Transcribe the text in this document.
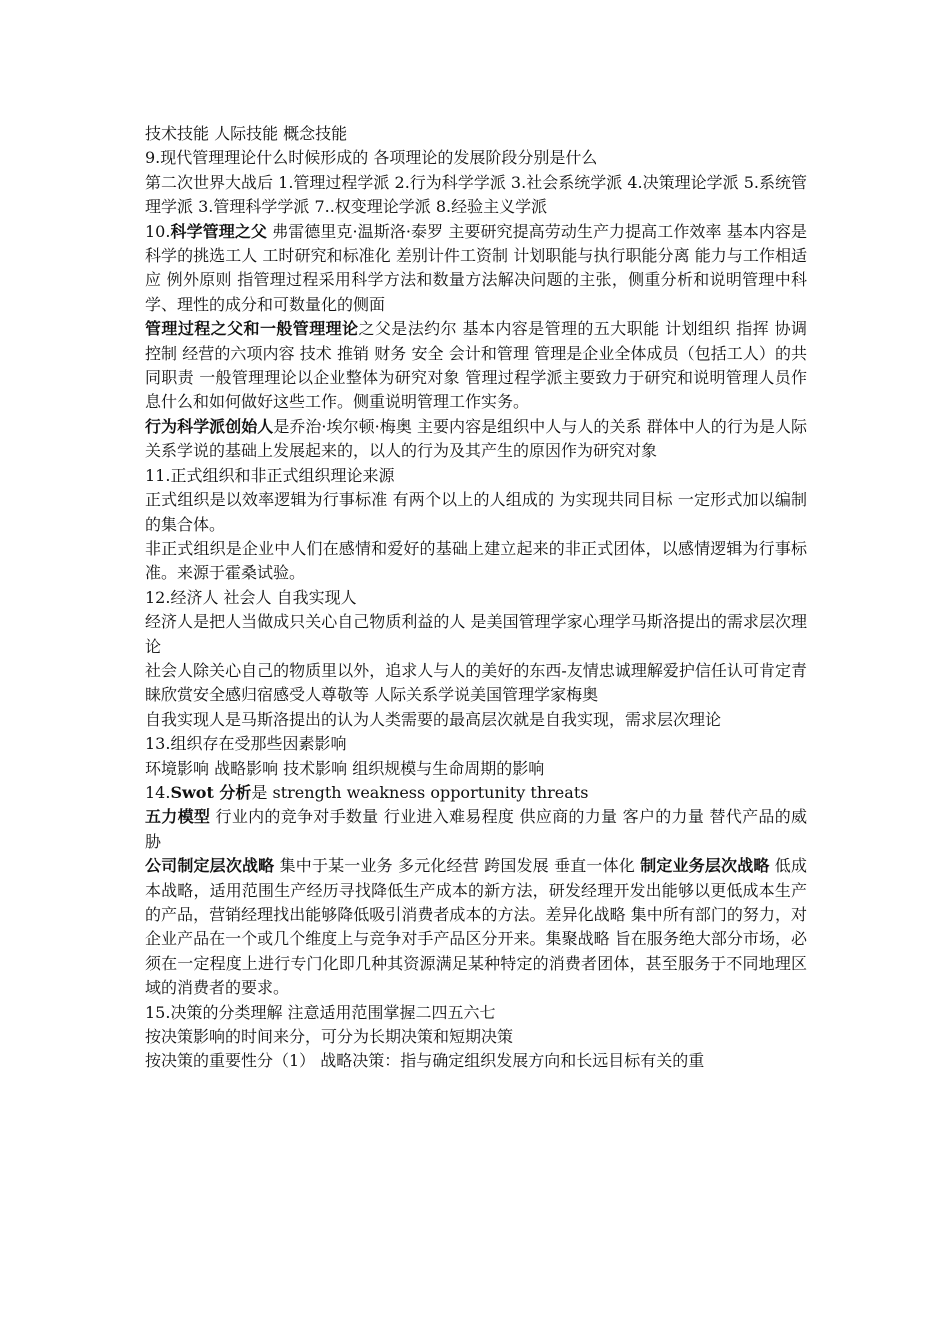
技术技能 人际技能 概念技能

9.现代管理理论什么时候形成的 各项理论的发展阶段分别是什么

第二次世界大战后 1.管理过程学派 2.行为科学学派 3.社会系统学派 4.决策理论学派 5.系统管理学派 3.管理科学学派 7..权变理论学派 8.经验主义学派

10.科学管理之父 弗雷德里克·温斯洛·泰罗 主要研究提高劳动生产力提高工作效率 基本内容是科学的挑选工人 工时研究和标准化 差别计件工资制 计划职能与执行职能分离 能力与工作相适应 例外原则 指管理过程采用科学方法和数量方法解决问题的主张，侧重分析和说明管理中科学、理性的成分和可数量化的侧面

管理过程之父和一般管理理论之父是法约尔 基本内容是管理的五大职能 计划组织 指挥 协调 控制 经营的六项内容 技术 推销 财务 安全 会计和管理 管理是企业全体成员（包括工人）的共同职责 一般管理理论以企业整体为研究对象 管理过程学派主要致力于研究和说明管理人员作息什么和如何做好这些工作。侧重说明管理工作实务。

行为科学派创始人是乔治·埃尔顿·梅奥 主要内容是组织中人与人的关系 群体中人的行为是人际关系学说的基础上发展起来的，以人的行为及其产生的原因作为研究对象

11.正式组织和非正式组织理论来源

正式组织是以效率逻辑为行事标准 有两个以上的人组成的 为实现共同目标 一定形式加以编制的集合体。

非正式组织是企业中人们在感情和爱好的基础上建立起来的非正式团体，以感情逻辑为行事标准。来源于霍桑试验。

12.经济人 社会人 自我实现人

经济人是把人当做成只关心自己物质利益的人 是美国管理学家心理学马斯洛提出的需求层次理论

社会人除关心自己的物质里以外，追求人与人的美好的东西-友情忠诚理解爱护信任认可肯定青睐欣赏安全感归宿感受人尊敬等 人际关系学说美国管理学家梅奥

自我实现人是马斯洛提出的认为人类需要的最高层次就是自我实现，需求层次理论

13.组织存在受那些因素影响

环境影响 战略影响 技术影响 组织规模与生命周期的影响

14.Swot 分析是 strength weakness opportunity threats

五力模型 行业内的竞争对手数量 行业进入难易程度 供应商的力量 客户的力量 替代产品的威胁

公司制定层次战略 集中于某一业务 多元化经营 跨国发展 垂直一体化 制定业务层次战略 低成本战略，适用范围生产经历寻找降低生产成本的新方法，研发经理开发出能够以更低成本生产的产品，营销经理找出能够降低吸引消费者成本的方法。差异化战略 集中所有部门的努力，对企业产品在一个或几个维度上与竞争对手产品区分开来。集聚战略 旨在服务绝大部分市场，必须在一定程度上进行专门化即几种其资源满足某种特定的消费者团体，甚至服务于不同地理区域的消费者的要求。

15.决策的分类理解 注意适用范围掌握二四五六七

按决策影响的时间来分，可分为长期决策和短期决策

按决策的重要性分（1） 战略决策：指与确定组织发展方向和长远目标有关的重
